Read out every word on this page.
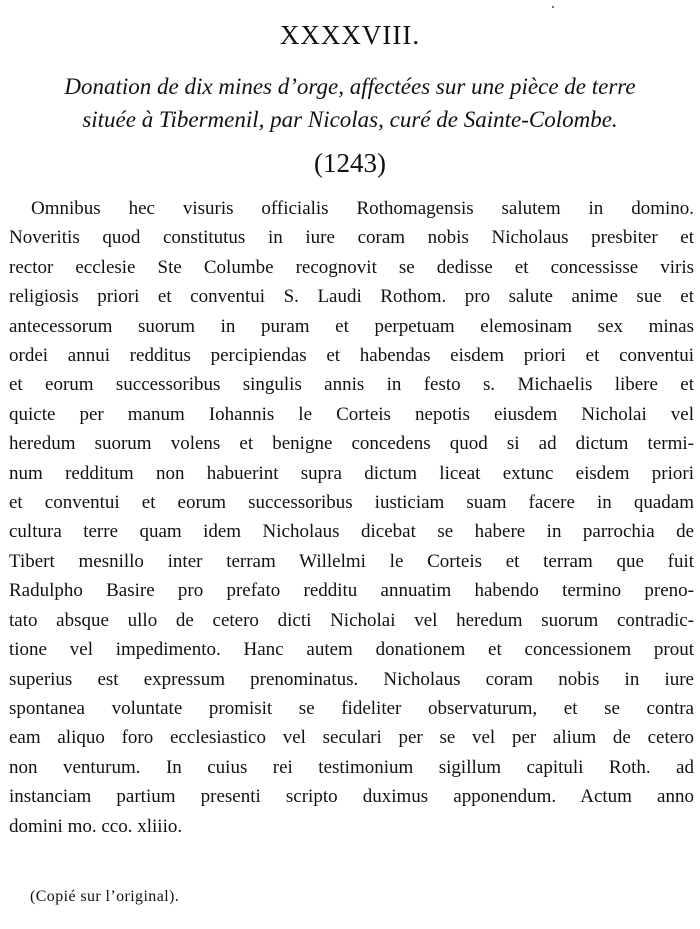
XXXXVIII.
Donation de dix mines d’orge, affectées sur une pièce de terre
située à Tibermenil, par Nicolas, curé de Sainte-Colombe.
(1243)
Omnibus hec visuris officialis Rothomagensis salutem in domino.
Noveritis quod constitutus in iure coram nobis Nicholaus presbiter et
rector ecclesie Ste Columbe recognovit se dedisse et concessisse viris
religiosis priori et conventui S. Laudi Rothom. pro salute anime sue et
antecessorum suorum in puram et perpetuam elemosinam sex minas
ordei annui redditus percipiendas et habendas eisdem priori et conventui
et eorum successoribus singulis annis in festo s. Michaelis libere et
quicte per manum Iohannis le Corteis nepotis eiusdem Nicholai vel
heredum suorum volens et benigne concedens quod si ad dictum termi-
num redditum non habuerint supra dictum liceat extunc eisdem priori
et conventui et eorum successoribus iusticiam suam facere in quadam
cultura terre quam idem Nicholaus dicebat se habere in parrochia de
Tibert mesnillo inter terram Willelmi le Corteis et terram que fuit
Radulpho Basire pro prefato redditu annuatim habendo termino preno-
tato absque ullo de cetero dicti Nicholai vel heredum suorum contradic-
tione vel impedimento. Hanc autem donationem et concessionem prout
superius est expressum prenominatus. Nicholaus coram nobis in iure
spontanea voluntate promisit se fideliter observaturum, et se contra
eam aliquo foro ecclesiastico vel seculari per se vel per alium de cetero
non venturum. In cuius rei testimonium sigillum capituli Roth. ad
instanciam partium presenti scripto duximus apponendum. Actum anno
domini mo. cco. xliiio.
(Copié sur l’original).
